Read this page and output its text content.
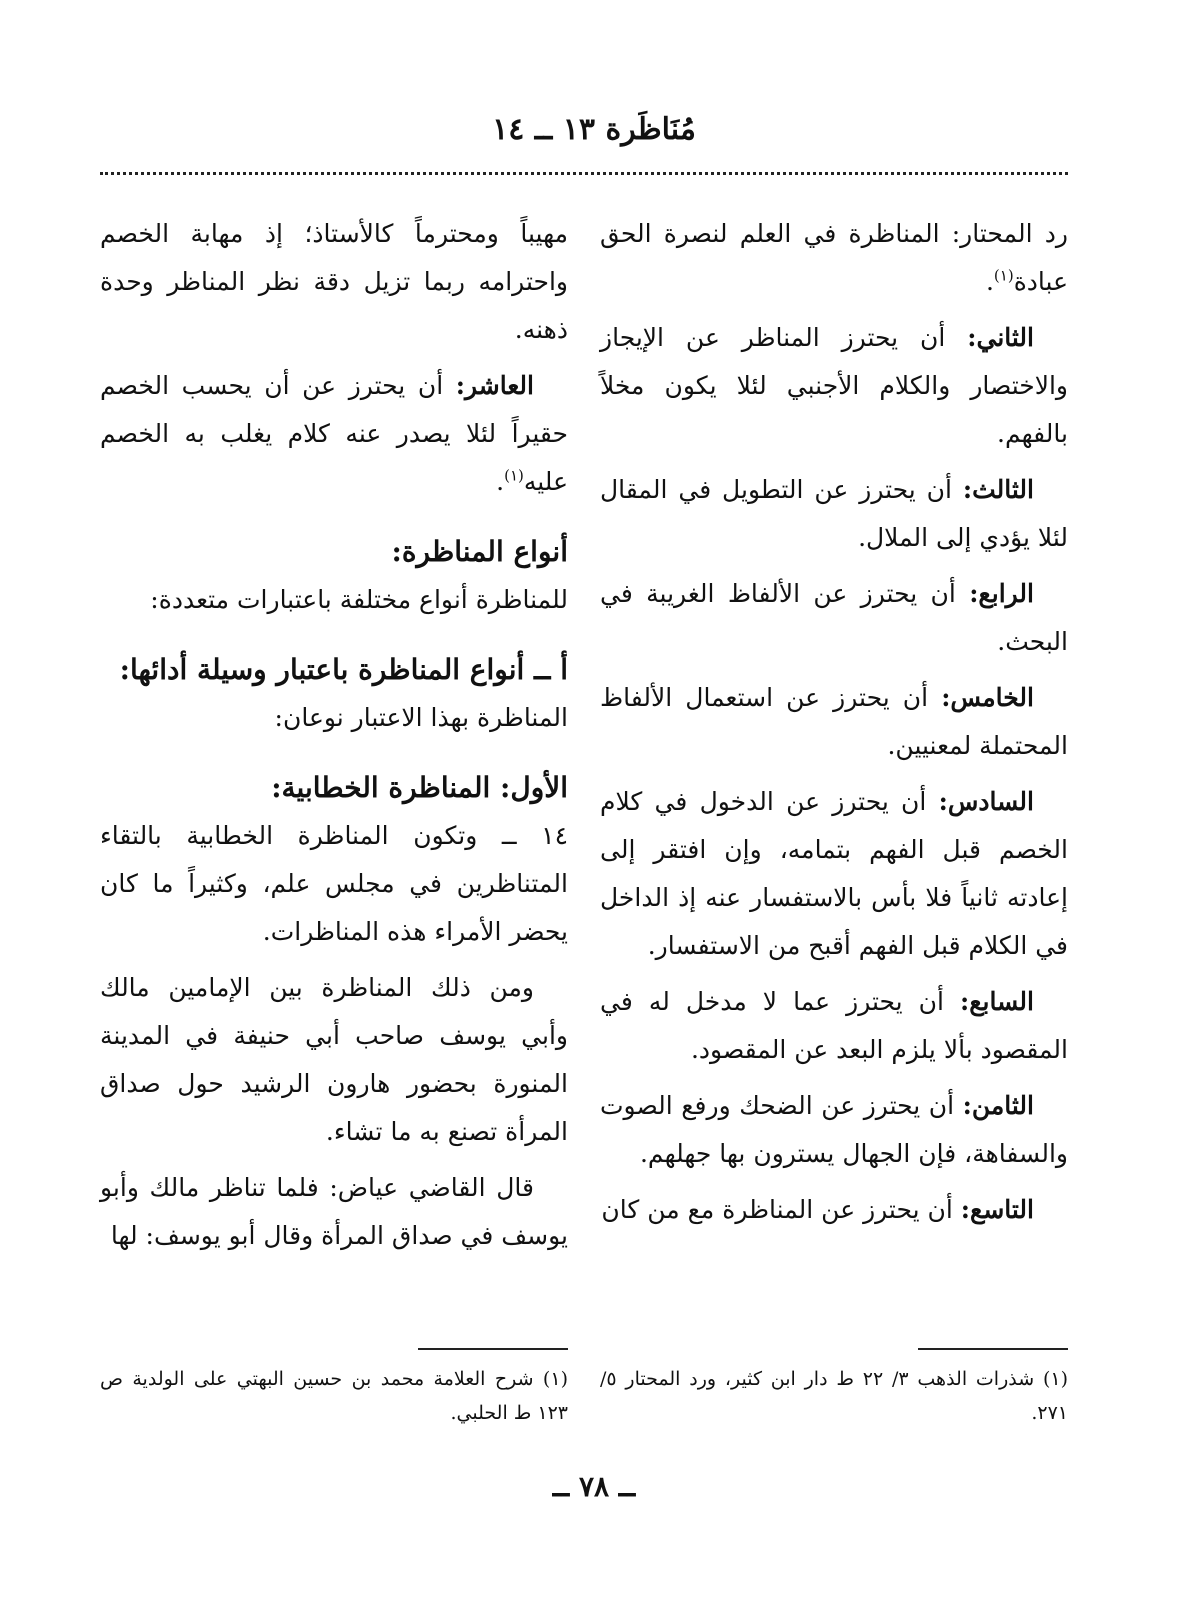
مُنَاظَرة ١٣ ــ ١٤

رد المحتار: المناظرة في العلم لنصرة الحق عبادة$^{(١)}$.

الثاني: أن يحترز المناظر عن الإيجاز والاختصار والكلام الأجنبي لئلا يكون مخلاً بالفهم.

الثالث: أن يحترز عن التطويل في المقال لئلا يؤدي إلى الملال.

الرابع: أن يحترز عن الألفاظ الغريبة في البحث.

الخامس: أن يحترز عن استعمال الألفاظ المحتملة لمعنيين.

السادس: أن يحترز عن الدخول في كلام الخصم قبل الفهم بتمامه، وإن افتقر إلى إعادته ثانياً فلا بأس بالاستفسار عنه إذ الداخل في الكلام قبل الفهم أقبح من الاستفسار.

السابع: أن يحترز عما لا مدخل له في المقصود بألا يلزم البعد عن المقصود.

الثامن: أن يحترز عن الضحك ورفع الصوت والسفاهة، فإن الجهال يسترون بها جهلهم.

التاسع: أن يحترز عن المناظرة مع من كان

مهيباً ومحترماً كالأستاذ؛ إذ مهابة الخصم واحترامه ربما تزيل دقة نظر المناظر وحدة ذهنه.

العاشر: أن يحترز عن أن يحسب الخصم حقيراً لئلا يصدر عنه كلام يغلب به الخصم عليه$^{(١)}$.

أنواع المناظرة:

للمناظرة أنواع مختلفة باعتبارات متعددة:

أ ــ أنواع المناظرة باعتبار وسيلة أدائها:

المناظرة بهذا الاعتبار نوعان:

الأول: المناظرة الخطابية:

١٤ ــ وتكون المناظرة الخطابية بالتقاء المتناظرين في مجلس علم، وكثيراً ما كان يحضر الأمراء هذه المناظرات.

ومن ذلك المناظرة بين الإمامين مالك وأبي يوسف صاحب أبي حنيفة في المدينة المنورة بحضور هارون الرشيد حول صداق المرأة تصنع به ما تشاء.

قال القاضي عياض: فلما تناظر مالك وأبو يوسف في صداق المرأة وقال أبو يوسف: لها

(١) شذرات الذهب ٣/ ٢٢ ط دار ابن كثير، ورد المحتار ٥/ ٢٧١.
(١) شرح العلامة محمد بن حسين البهتي على الولدية ص ١٢٣ ط الحلبي.
ــ ٧٨ ــ
